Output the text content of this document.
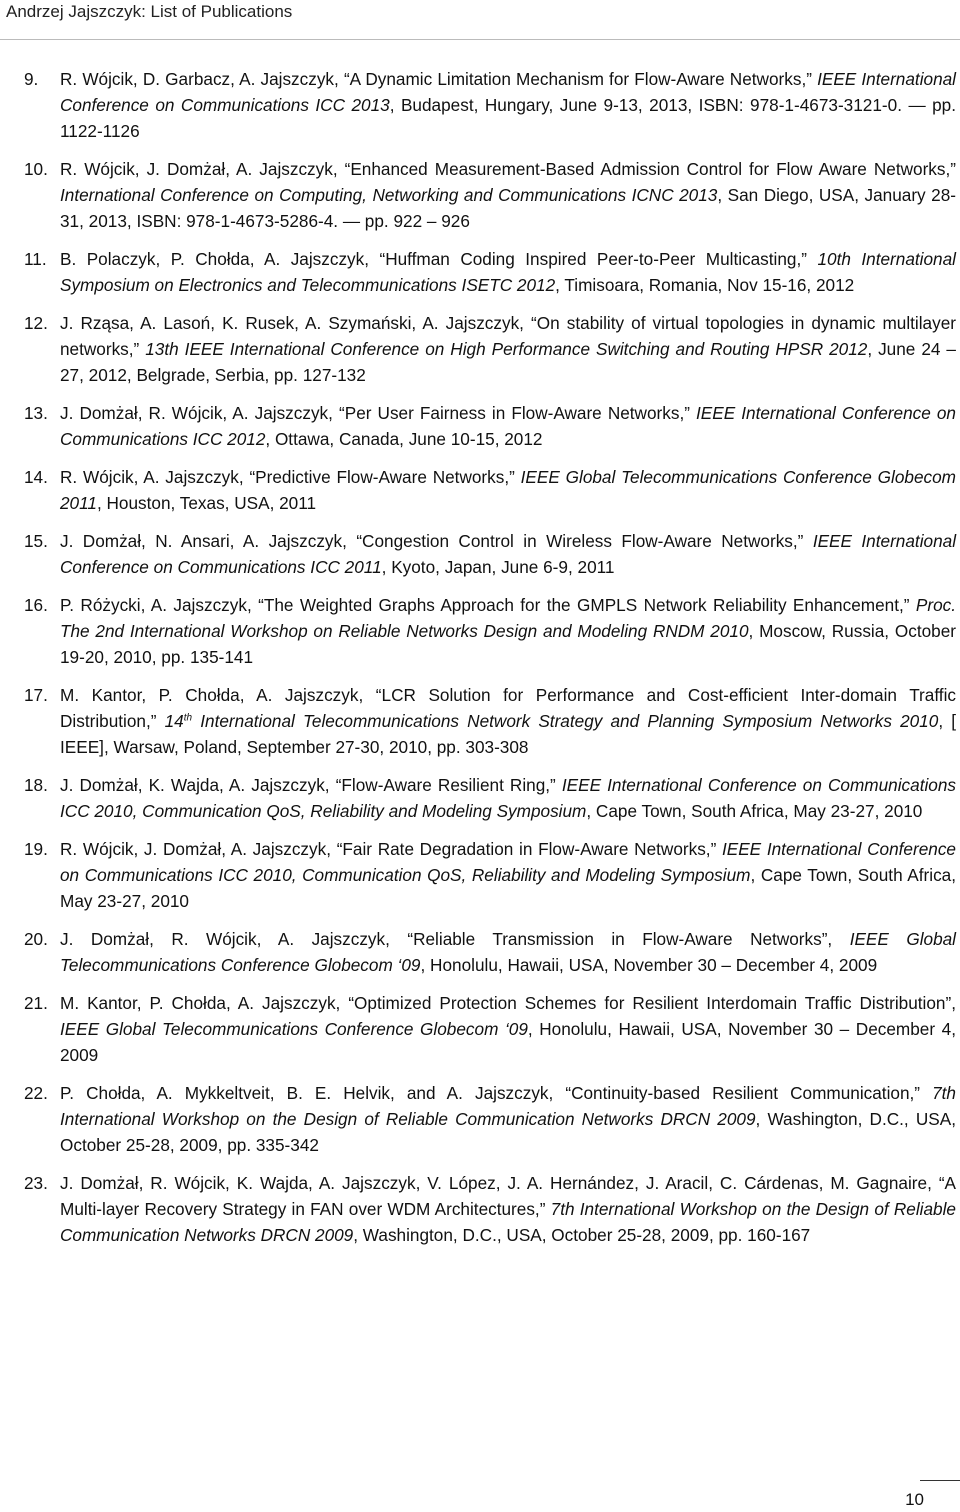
Andrzej Jajszczyk: List of Publications
9. R. Wójcik, D. Garbacz, A. Jajszczyk, “A Dynamic Limitation Mechanism for Flow-Aware Networks,” IEEE International Conference on Communications ICC 2013, Budapest, Hungary, June 9-13, 2013, ISBN: 978-1-4673-3121-0. — pp. 1122-1126
10. R. Wójcik, J. Domżał, A. Jajszczyk, “Enhanced Measurement-Based Admission Control for Flow Aware Networks,” International Conference on Computing, Networking and Communications ICNC 2013, San Diego, USA, January 28-31, 2013, ISBN: 978-1-4673-5286-4. — pp. 922 – 926
11. B. Polaczyk, P. Chołda, A. Jajszczyk, “Huffman Coding Inspired Peer-to-Peer Multicasting,” 10th International Symposium on Electronics and Telecommunications ISETC 2012, Timisoara, Romania, Nov 15-16, 2012
12. J. Rząsa, A. Lasoń, K. Rusek, A. Szymański, A. Jajszczyk, “On stability of virtual topologies in dynamic multilayer networks,” 13th IEEE International Conference on High Performance Switching and Routing HPSR 2012, June 24 – 27, 2012, Belgrade, Serbia, pp. 127-132
13. J. Domżał, R. Wójcik, A. Jajszczyk, “Per User Fairness in Flow-Aware Networks,” IEEE International Conference on Communications ICC 2012, Ottawa, Canada, June 10-15, 2012
14. R. Wójcik, A. Jajszczyk, “Predictive Flow-Aware Networks,” IEEE Global Telecommunications Conference Globecom 2011, Houston, Texas, USA, 2011
15. J. Domżał, N. Ansari, A. Jajszczyk, “Congestion Control in Wireless Flow-Aware Networks,” IEEE International Conference on Communications ICC 2011, Kyoto, Japan, June 6-9, 2011
16. P. Różycki, A. Jajszczyk, “The Weighted Graphs Approach for the GMPLS Network Reliability Enhancement,” Proc. The 2nd International Workshop on Reliable Networks Design and Modeling RNDM 2010, Moscow, Russia, October 19-20, 2010, pp. 135-141
17. M. Kantor, P. Chołda, A. Jajszczyk, “LCR Solution for Performance and Cost-efficient Inter-domain Traffic Distribution,” 14th International Telecommunications Network Strategy and Planning Symposium Networks 2010, [ IEEE], Warsaw, Poland, September 27-30, 2010, pp. 303-308
18. J. Domżał, K. Wajda, A. Jajszczyk, “Flow-Aware Resilient Ring,” IEEE International Conference on Communications ICC 2010, Communication QoS, Reliability and Modeling Symposium, Cape Town, South Africa, May 23-27, 2010
19. R. Wójcik, J. Domżał, A. Jajszczyk, “Fair Rate Degradation in Flow-Aware Networks,” IEEE International Conference on Communications ICC 2010, Communication QoS, Reliability and Modeling Symposium, Cape Town, South Africa, May 23-27, 2010
20. J. Domżał, R. Wójcik, A. Jajszczyk, “Reliable Transmission in Flow-Aware Networks”, IEEE Global Telecommunications Conference Globecom ‘09, Honolulu, Hawaii, USA, November 30 – December 4, 2009
21. M. Kantor, P. Chołda, A. Jajszczyk, “Optimized Protection Schemes for Resilient Interdomain Traffic Distribution”, IEEE Global Telecommunications Conference Globecom ‘09, Honolulu, Hawaii, USA, November 30 – December 4, 2009
22. P. Chołda, A. Mykkeltveit, B. E. Helvik, and A. Jajszczyk, “Continuity-based Resilient Communication,” 7th International Workshop on the Design of Reliable Communication Networks DRCN 2009, Washington, D.C., USA, October 25-28, 2009, pp. 335-342
23. J. Domżał, R. Wójcik, K. Wajda, A. Jajszczyk, V. López, J. A. Hernández, J. Aracil, C. Cárdenas, M. Gagnaire, “A Multi-layer Recovery Strategy in FAN over WDM Architectures,” 7th International Workshop on the Design of Reliable Communication Networks DRCN 2009, Washington, D.C., USA, October 25-28, 2009, pp. 160-167
10
